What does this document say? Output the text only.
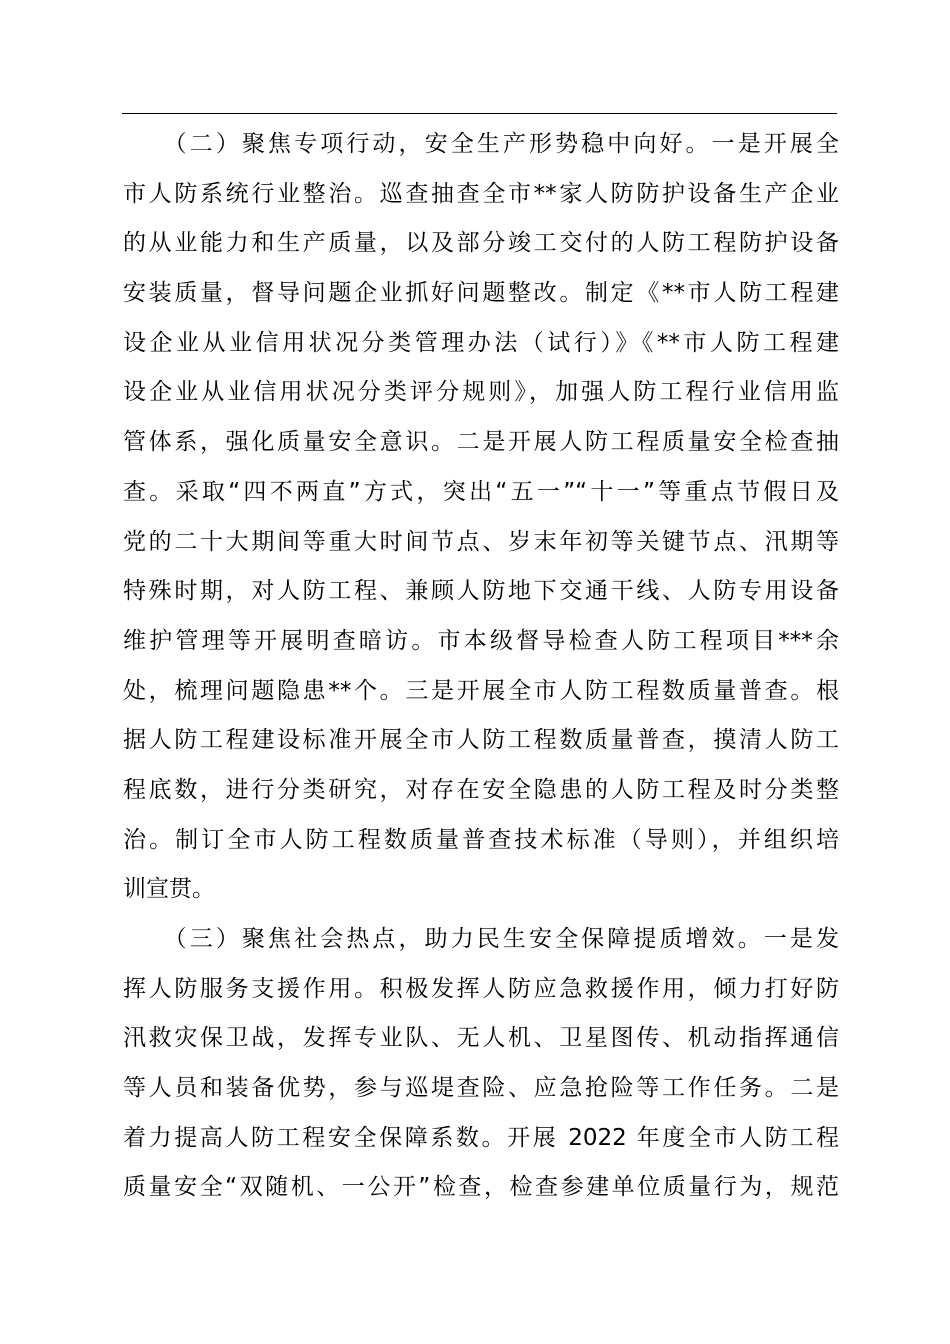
　　（二）聚焦专项行动，安全生产形势稳中向好。一是开展全
市人防系统行业整治。巡查抽查全市**家人防防护设备生产企业
的从业能力和生产质量，以及部分竣工交付的人防工程防护设备
安装质量，督导问题企业抓好问题整改。制定《**市人防工程建
设企业从业信用状况分类管理办法（试行）》《**市人防工程建
设企业从业信用状况分类评分规则》，加强人防工程行业信用监
管体系，强化质量安全意识。二是开展人防工程质量安全检查抽
查。采取“四不两直”方式，突出“五一”“十一”等重点节假日及
党的二十大期间等重大时间节点、岁末年初等关键节点、汛期等
特殊时期，对人防工程、兼顾人防地下交通干线、人防专用设备
维护管理等开展明查暗访。市本级督导检查人防工程项目***余
处，梳理问题隐患**个。三是开展全市人防工程数质量普查。根
据人防工程建设标准开展全市人防工程数质量普查，摸清人防工
程底数，进行分类研究，对存在安全隐患的人防工程及时分类整
治。制订全市人防工程数质量普查技术标准（导则），并组织培
训宣贯。
　　（三）聚焦社会热点，助力民生安全保障提质增效。一是发
挥人防服务支援作用。积极发挥人防应急救援作用，倾力打好防
汛救灾保卫战，发挥专业队、无人机、卫星图传、机动指挥通信
等人员和装备优势，参与巡堤查险、应急抢险等工作任务。二是
着力提高人防工程安全保障系数。开展 2022 年度全市人防工程
质量安全“双随机、一公开”检查，检查参建单位质量行为，规范
